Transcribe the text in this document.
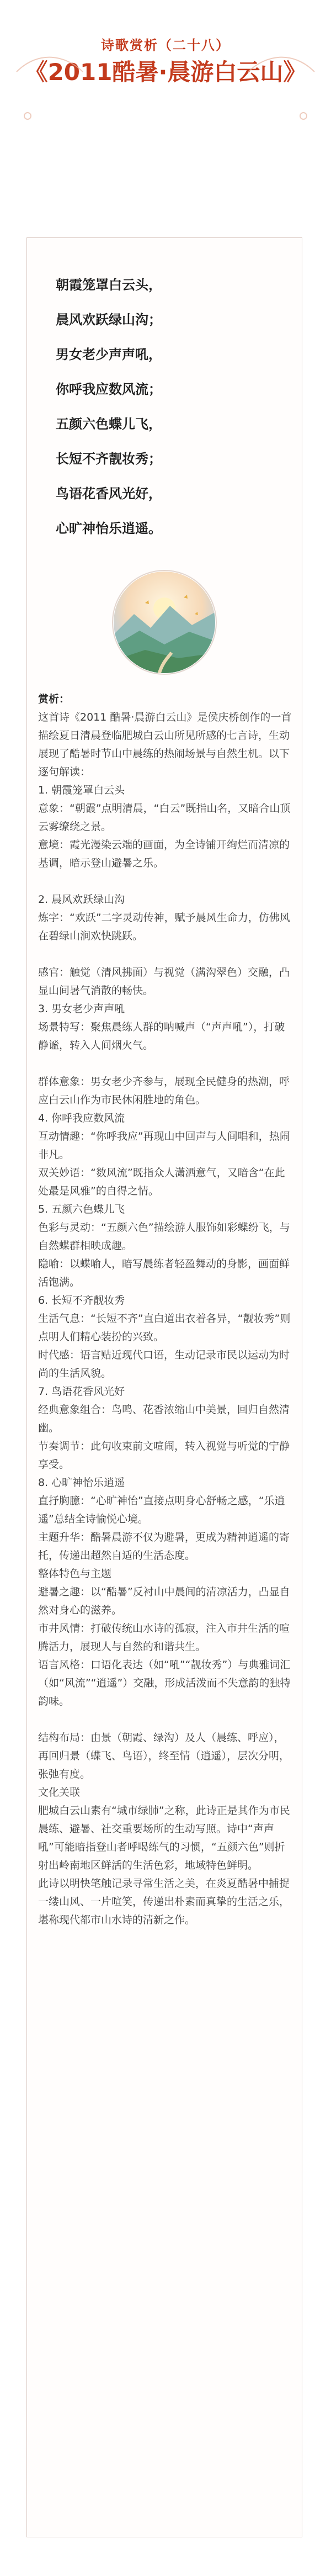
诗歌赏析（二十八）
《2011酷暑·晨游白云山》
朝霞笼罩白云头，
晨风欢跃绿山沟；
男女老少声声吼，
你呼我应数风流；
五颜六色蝶儿飞，
长短不齐靓妆秀；
鸟语花香风光好，
心旷神怡乐逍遥。

赏析：

这首诗《2011 酷暑·晨游白云山》是侯庆桥创作的一首描绘夏日清晨登临肥城白云山所见所感的七言诗，生动展现了酷暑时节山中晨练的热闹场景与自然生机。以下逐句解读：

1. 朝霞笼罩白云头

意象：“朝霞”点明清晨，“白云”既指山名，又暗合山顶云雾缭绕之景。

意境：霞光漫染云端的画面，为全诗铺开绚烂而清凉的基调，暗示登山避暑之乐。

2. 晨风欢跃绿山沟

炼字：“欢跃”二字灵动传神，赋予晨风生命力，仿佛风在碧绿山涧欢快跳跃。

感官：触觉（清风拂面）与视觉（满沟翠色）交融，凸显山间暑气消散的畅快。

3. 男女老少声声吼

场景特写：聚焦晨练人群的呐喊声（“声声吼”），打破静谧，转入人间烟火气。

群体意象：男女老少齐参与，展现全民健身的热潮，呼应白云山作为市民休闲胜地的角色。

4. 你呼我应数风流

互动情趣：“你呼我应”再现山中回声与人间唱和，热闹非凡。

双关妙语：“数风流”既指众人潇洒意气，又暗含“在此处最是风雅”的自得之情。

5. 五颜六色蝶儿飞

色彩与灵动：“五颜六色”描绘游人服饰如彩蝶纷飞，与自然蝶群相映成趣。

隐喻：以蝶喻人，暗写晨练者轻盈舞动的身影，画面鲜活饱满。

6. 长短不齐靓妆秀

生活气息：“长短不齐”直白道出衣着各异，“靓妆秀”则点明人们精心装扮的兴致。

时代感：语言贴近现代口语，生动记录市民以运动为时尚的生活风貌。

7. 鸟语花香风光好

经典意象组合：鸟鸣、花香浓缩山中美景，回归自然清幽。

节奏调节：此句收束前文喧闹，转入视觉与听觉的宁静享受。

8. 心旷神怡乐逍遥

直抒胸臆：“心旷神怡”直接点明身心舒畅之感，“乐逍遥”总结全诗愉悦心境。

主题升华：酷暑晨游不仅为避暑，更成为精神逍遥的寄托，传递出超然自适的生活态度。

整体特色与主题

避暑之趣：以“酷暑”反衬山中晨间的清凉活力，凸显自然对身心的滋养。

市井风情：打破传统山水诗的孤寂，注入市井生活的喧腾活力，展现人与自然的和谐共生。

语言风格：口语化表达（如“吼”“靓妆秀”）与典雅词汇（如“风流”“逍遥”）交融，形成活泼而不失意韵的独特韵味。

结构布局：由景（朝霞、绿沟）及人（晨练、呼应），再回归景（蝶飞、鸟语），终至情（逍遥），层次分明，张弛有度。

文化关联

肥城白云山素有“城市绿肺”之称，此诗正是其作为市民晨练、避暑、社交重要场所的生动写照。诗中“声声吼”可能暗指登山者呼喝练气的习惯，“五颜六色”则折射出岭南地区鲜活的生活色彩，地域特色鲜明。

此诗以明快笔触记录寻常生活之美，在炎夏酷暑中捕捉一缕山风、一片喧笑，传递出朴素而真挚的生活之乐，堪称现代都市山水诗的清新之作。
